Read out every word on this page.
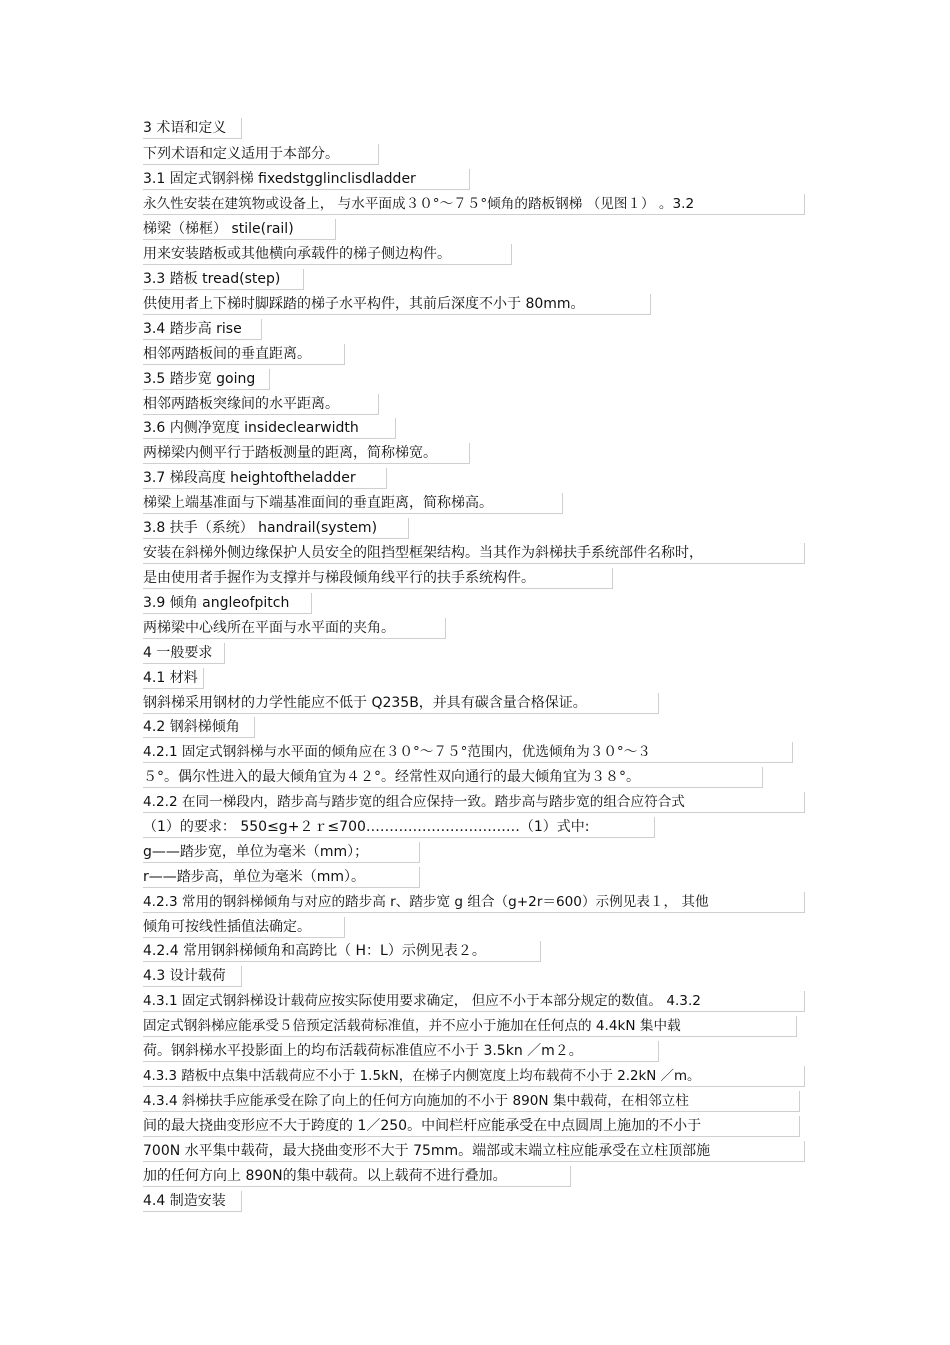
3 术语和定义
下列术语和定义适用于本部分。
3.1 固定式钢斜梯 fixedstgglinclisdladder
永久性安装在建筑物或设备上， 与水平面成３０°～７５°倾角的踏板钢梯 （见图１） 。3.2
梯梁（梯框） stile(rail)
用来安装踏板或其他横向承载件的梯子侧边构件。
3.3 踏板 tread(step)
供使用者上下梯时脚踩踏的梯子水平构件，其前后深度不小于 80mm。
3.4 踏步高 rise
相邻两踏板间的垂直距离。
3.5 踏步宽 going
相邻两踏板突缘间的水平距离。
3.6 内侧净宽度 insideclearwidth
两梯梁内侧平行于踏板测量的距离，简称梯宽。
3.7 梯段高度 heightoftheladder
梯梁上端基准面与下端基准面间的垂直距离，简称梯高。
3.8 扶手（系统） handrail(system)
安装在斜梯外侧边缘保护人员安全的阻挡型框架结构。当其作为斜梯扶手系统部件名称时，
是由使用者手握作为支撑并与梯段倾角线平行的扶手系统构件。
3.9 倾角 angleofpitch
两梯梁中心线所在平面与水平面的夹角。
4 一般要求
4.1 材料
钢斜梯采用钢材的力学性能应不低于 Q235B，并具有碳含量合格保证。
4.2 钢斜梯倾角
4.2.1 固定式钢斜梯与水平面的倾角应在３０°～７５°范围内，优选倾角为３０°～３
５°。偶尔性进入的最大倾角宜为４２°。经常性双向通行的最大倾角宜为３８°。
4.2.2 在同一梯段内，踏步高与踏步宽的组合应保持一致。踏步高与踏步宽的组合应符合式
（1）的要求： 550≤g+２ｒ≤700……………………………（1）式中:
g——踏步宽，单位为毫米（mm）；
r——踏步高，单位为毫米（mm）。
4.2.3 常用的钢斜梯倾角与对应的踏步高 r、踏步宽 g 组合（g+2r＝600）示例见表１， 其他
倾角可按线性插值法确定。
4.2.4 常用钢斜梯倾角和高跨比（ H：L）示例见表２。
4.3 设计载荷
4.3.1 固定式钢斜梯设计载荷应按实际使用要求确定， 但应不小于本部分规定的数值。 4.3.2
固定式钢斜梯应能承受５倍预定活载荷标准值，并不应小于施加在任何点的 4.4kN 集中载
荷。钢斜梯水平投影面上的均布活载荷标准值应不小于 3.5kn ／m２。
4.3.3 踏板中点集中活载荷应不小于 1.5kN，在梯子内侧宽度上均布载荷不小于 2.2kN ／m。
4.3.4 斜梯扶手应能承受在除了向上的任何方向施加的不小于 890N 集中载荷，在相邻立柱
间的最大挠曲变形应不大于跨度的 1／250。中间栏杆应能承受在中点圆周上施加的不小于
700N 水平集中载荷，最大挠曲变形不大于 75mm。端部或末端立柱应能承受在立柱顶部施
加的任何方向上 890N的集中载荷。以上载荷不进行叠加。
4.4 制造安装
